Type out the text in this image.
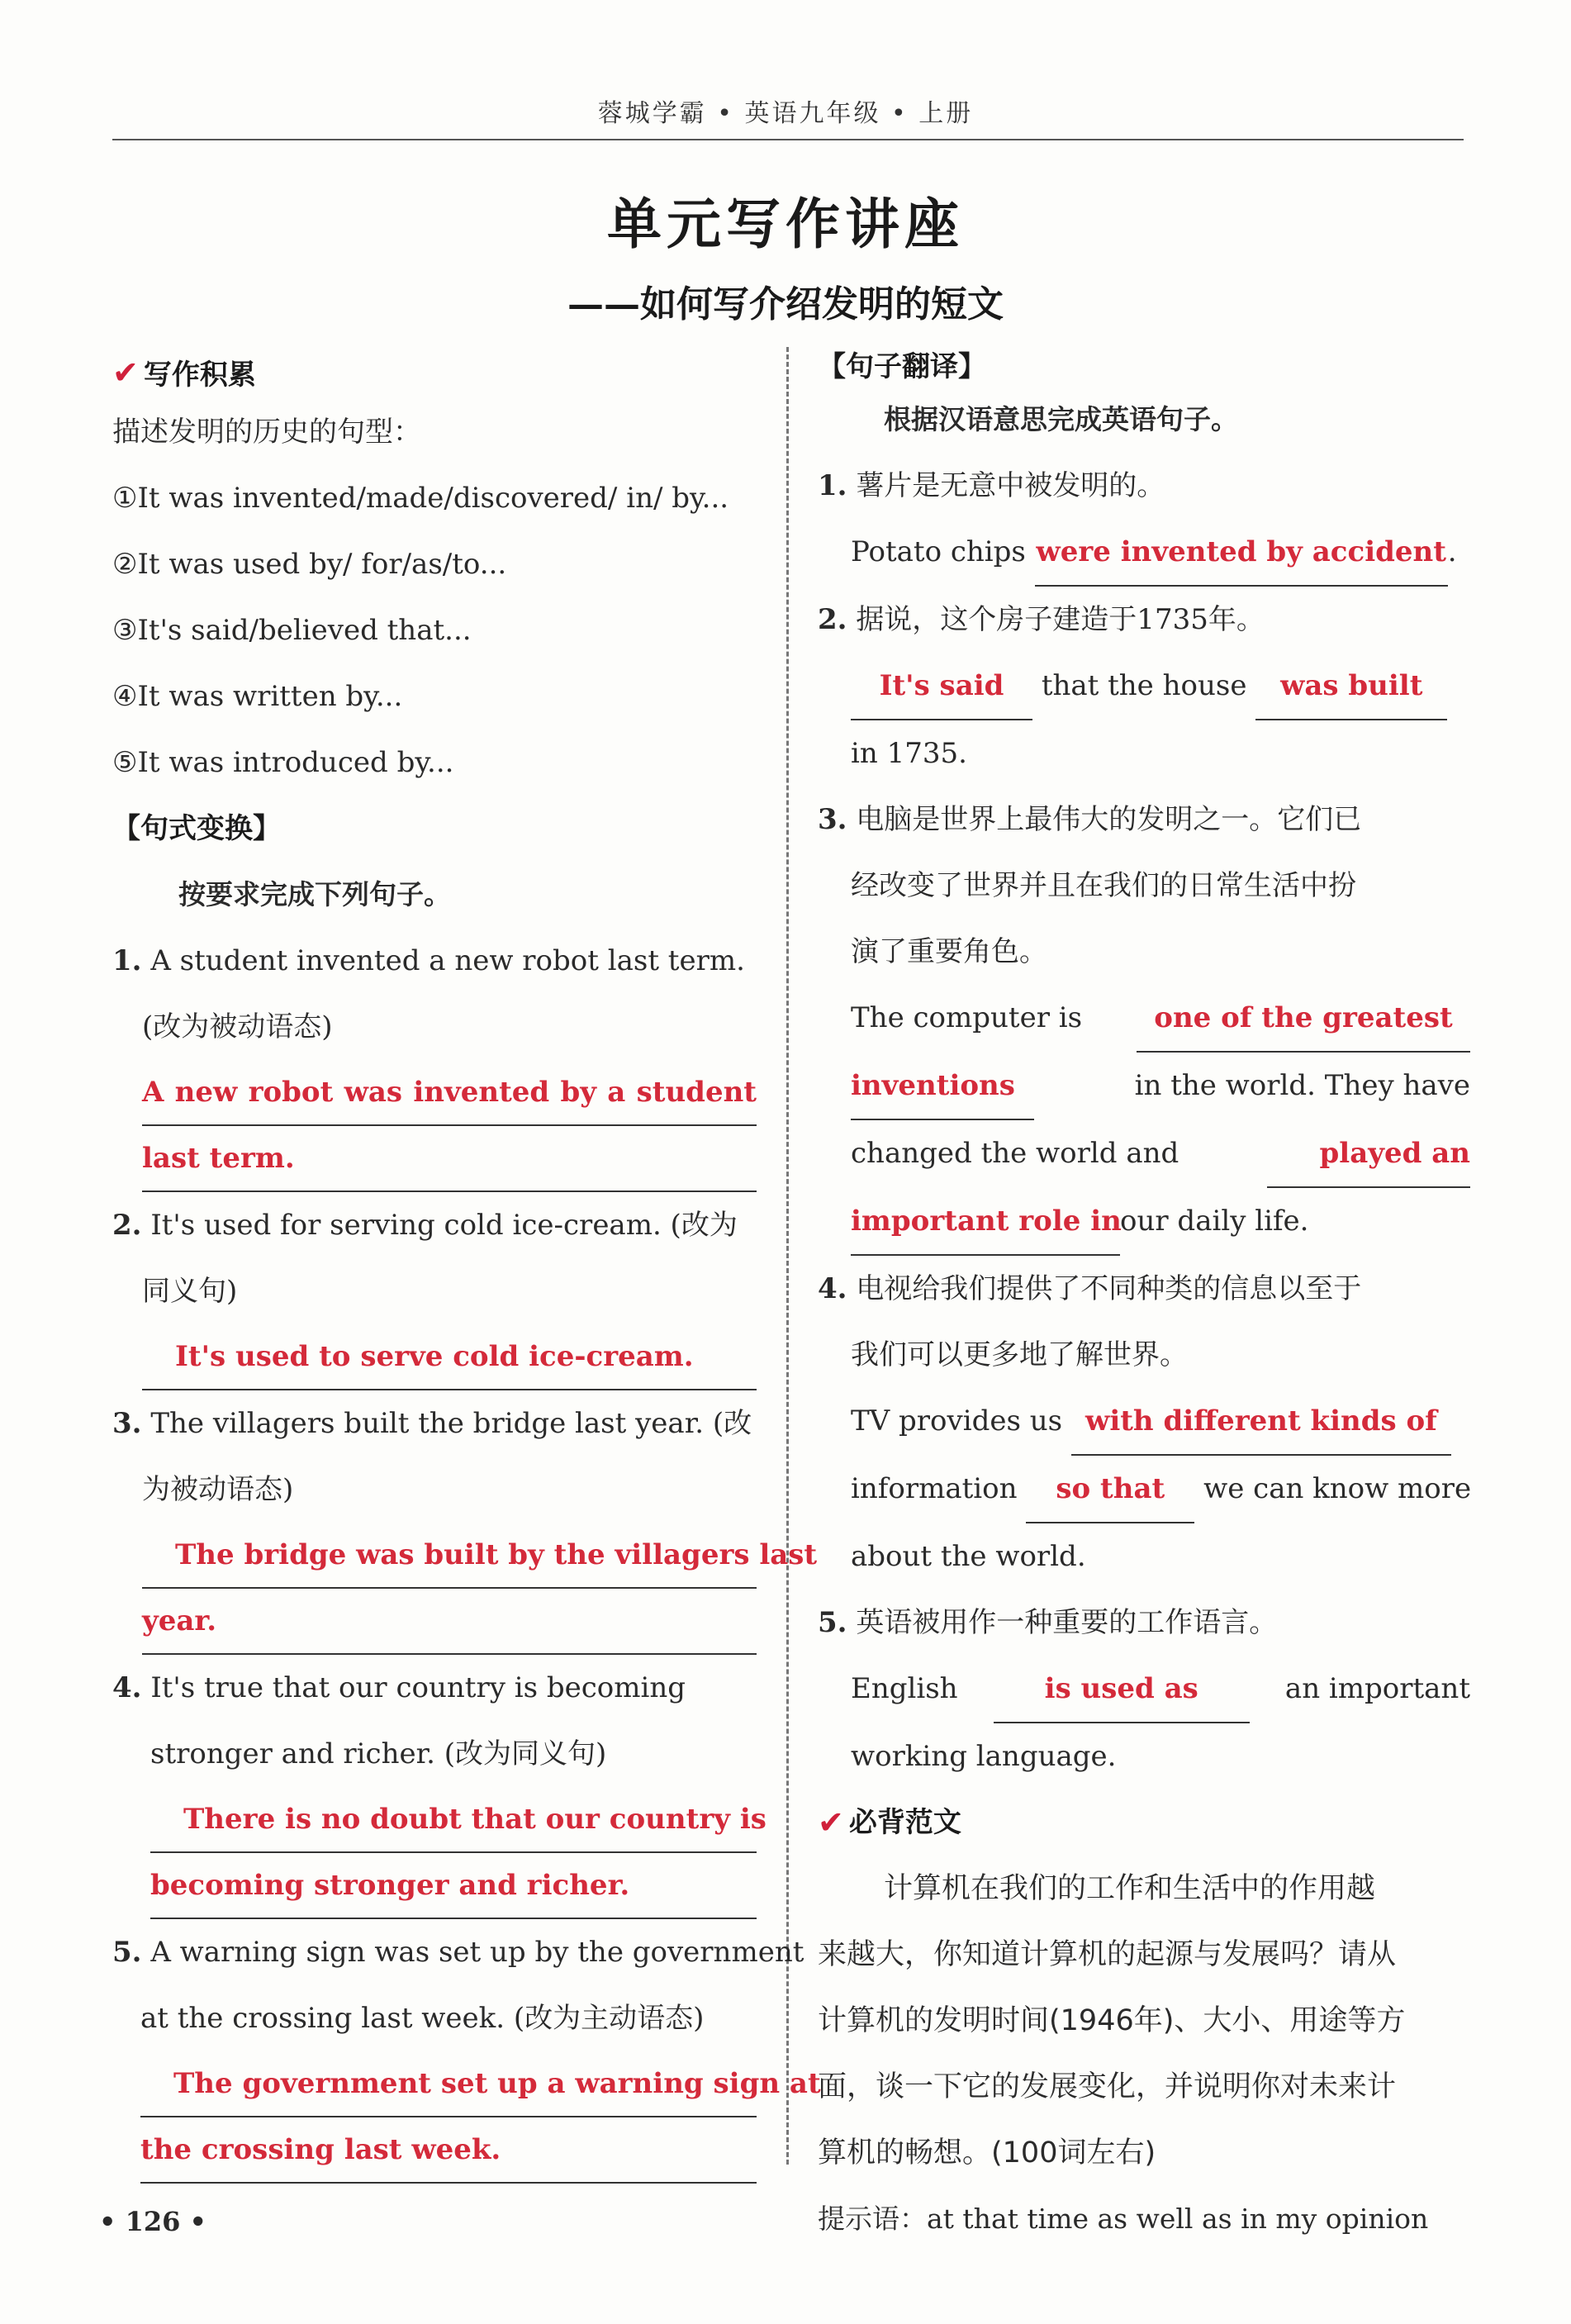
蓉城学霸 • 英语九年级 • 上册
单元写作讲座
——如何写介绍发明的短文
✔ 写作积累
描述发明的历史的句型：
①It was invented/made/discovered/ in/ by...
②It was used by/ for/as/to...
③It's said/believed that...
④It was written by...
⑤It was introduced by...
【句式变换】
按要求完成下列句子。
1. A student invented a new robot last term.
(改为被动语态)
A new robot was invented by a student
last term.
2. It's used for serving cold ice-cream. (改为
同义句)
It's used to serve cold ice-cream.
3. The villagers built the bridge last year. (改
为被动语态)
The bridge was built by the villagers last
year.
4. It's true that our country is becoming
stronger and richer. (改为同义句)
There is no doubt that our country is
becoming stronger and richer.
5. A warning sign was set up by the government
at the crossing last week. (改为主动语态)
The government set up a warning sign at
the crossing last week.
【句子翻译】
根据汉语意思完成英语句子。
1. 薯片是无意中被发明的。
Potato chips were invented by accident.
2. 据说，这个房子建造于1735年。
It's said that the house was built
in 1735.
3. 电脑是世界上最伟大的发明之一。它们已
经改变了世界并且在我们的日常生活中扮
演了重要角色。
The computer is	one of the greatest
inventions	in the world. They have
changed the world and	played an
important role inour daily life.
4. 电视给我们提供了不同种类的信息以至于
我们可以更多地了解世界。
TV provides us with different kinds of
information so that we can know more
about the world.
5. 英语被用作一种重要的工作语言。
English	is used as	an important
working language.
✔ 必背范文
计算机在我们的工作和生活中的作用越
来越大，你知道计算机的起源与发展吗？请从
计算机的发明时间(1946年)、大小、用途等方
面，谈一下它的发展变化，并说明你对未来计
算机的畅想。(100词左右)
提示语：at that time as well as in my opinion
• 126 •
